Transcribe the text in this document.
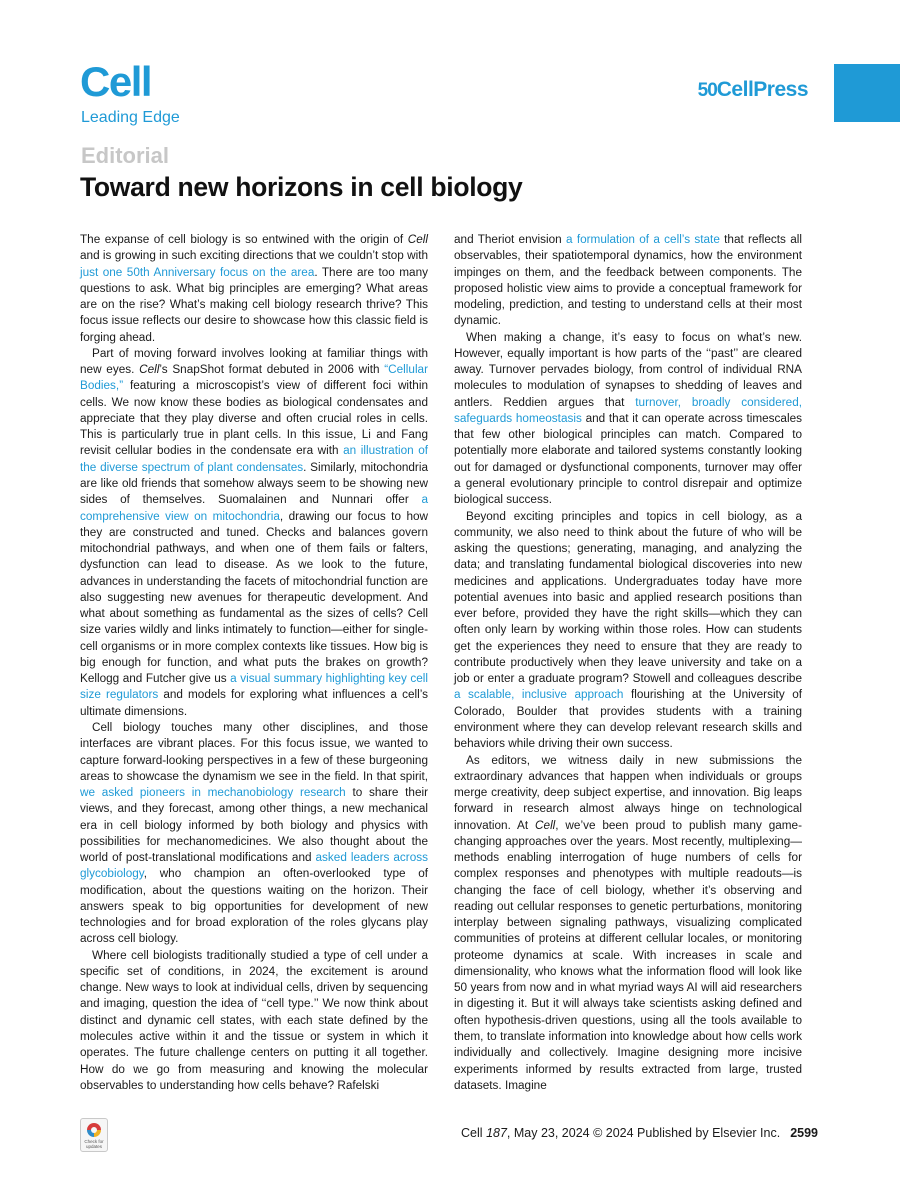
Cell
Leading Edge
50CellPress
Editorial
Toward new horizons in cell biology

The expanse of cell biology is so entwined with the origin of Cell and is growing in such exciting directions that we couldn’t stop with just one 50th Anniversary focus on the area. There are too many questions to ask. What big principles are emerging? What areas are on the rise? What’s making cell biology research thrive? This focus issue reflects our desire to showcase how this classic field is forging ahead.

Part of moving forward involves looking at familiar things with new eyes. Cell’s SnapShot format debuted in 2006 with “Cellular Bodies,” featuring a microscopist’s view of different foci within cells. We now know these bodies as biological condensates and appreciate that they play diverse and often crucial roles in cells. This is particularly true in plant cells. In this issue, Li and Fang revisit cellular bodies in the condensate era with an illustration of the diverse spectrum of plant condensates. Similarly, mitochondria are like old friends that somehow always seem to be showing new sides of themselves. Suomalainen and Nunnari offer a comprehensive view on mitochondria, drawing our focus to how they are constructed and tuned. Checks and balances govern mitochondrial pathways, and when one of them fails or falters, dysfunction can lead to disease. As we look to the future, advances in understanding the facets of mitochondrial function are also suggesting new avenues for therapeutic development. And what about something as fundamental as the sizes of cells? Cell size varies wildly and links intimately to function—either for single-cell organisms or in more complex contexts like tissues. How big is big enough for function, and what puts the brakes on growth? Kellogg and Futcher give us a visual summary highlighting key cell size regulators and models for exploring what influences a cell’s ultimate dimensions.

Cell biology touches many other disciplines, and those interfaces are vibrant places. For this focus issue, we wanted to capture forward-looking perspectives in a few of these burgeoning areas to showcase the dynamism we see in the field. In that spirit, we asked pioneers in mechanobiology research to share their views, and they forecast, among other things, a new mechanical era in cell biology informed by both biology and physics with possibilities for mechanomedicines. We also thought about the world of post-translational modifications and asked leaders across glycobiology, who champion an often-overlooked type of modification, about the questions waiting on the horizon. Their answers speak to big opportunities for development of new technologies and for broad exploration of the roles glycans play across cell biology.

Where cell biologists traditionally studied a type of cell under a specific set of conditions, in 2024, the excitement is around change. New ways to look at individual cells, driven by sequencing and imaging, question the idea of ‘‘cell type.’’ We now think about distinct and dynamic cell states, with each state defined by the molecules active within it and the tissue or system in which it operates. The future challenge centers on putting it all together. How do we go from measuring and knowing the molecular observables to understanding how cells behave? Rafelski

and Theriot envision a formulation of a cell’s state that reflects all observables, their spatiotemporal dynamics, how the environment impinges on them, and the feedback between components. The proposed holistic view aims to provide a conceptual framework for modeling, prediction, and testing to understand cells at their most dynamic.

When making a change, it’s easy to focus on what’s new. However, equally important is how parts of the ‘‘past’’ are cleared away. Turnover pervades biology, from control of individual RNA molecules to modulation of synapses to shedding of leaves and antlers. Reddien argues that turnover, broadly considered, safeguards homeostasis and that it can operate across timescales that few other biological principles can match. Compared to potentially more elaborate and tailored systems constantly looking out for damaged or dysfunctional components, turnover may offer a general evolutionary principle to control disrepair and optimize biological success.

Beyond exciting principles and topics in cell biology, as a community, we also need to think about the future of who will be asking the questions; generating, managing, and analyzing the data; and translating fundamental biological discoveries into new medicines and applications. Undergraduates today have more potential avenues into basic and applied research positions than ever before, provided they have the right skills—which they can often only learn by working within those roles. How can students get the experiences they need to ensure that they are ready to contribute productively when they leave university and take on a job or enter a graduate program? Stowell and colleagues describe a scalable, inclusive approach flourishing at the University of Colorado, Boulder that provides students with a training environment where they can develop relevant research skills and behaviors while driving their own success.

As editors, we witness daily in new submissions the extraordinary advances that happen when individuals or groups merge creativity, deep subject expertise, and innovation. Big leaps forward in research almost always hinge on technological innovation. At Cell, we’ve been proud to publish many game-changing approaches over the years. Most recently, multiplexing—methods enabling interrogation of huge numbers of cells for complex responses and phenotypes with multiple readouts—is changing the face of cell biology, whether it’s observing and reading out cellular responses to genetic perturbations, monitoring interplay between signaling pathways, visualizing complicated communities of proteins at different cellular locales, or monitoring proteome dynamics at scale. With increases in scale and dimensionality, who knows what the information flood will look like 50 years from now and in what myriad ways AI will aid researchers in digesting it. But it will always take scientists asking defined and often hypothesis-driven questions, using all the tools available to them, to translate information into knowledge about how cells work individually and collectively. Imagine designing more incisive experiments informed by results extracted from large, trusted datasets. Imagine

Check for updates
Cell 187, May 23, 2024 © 2024 Published by Elsevier Inc. 2599
